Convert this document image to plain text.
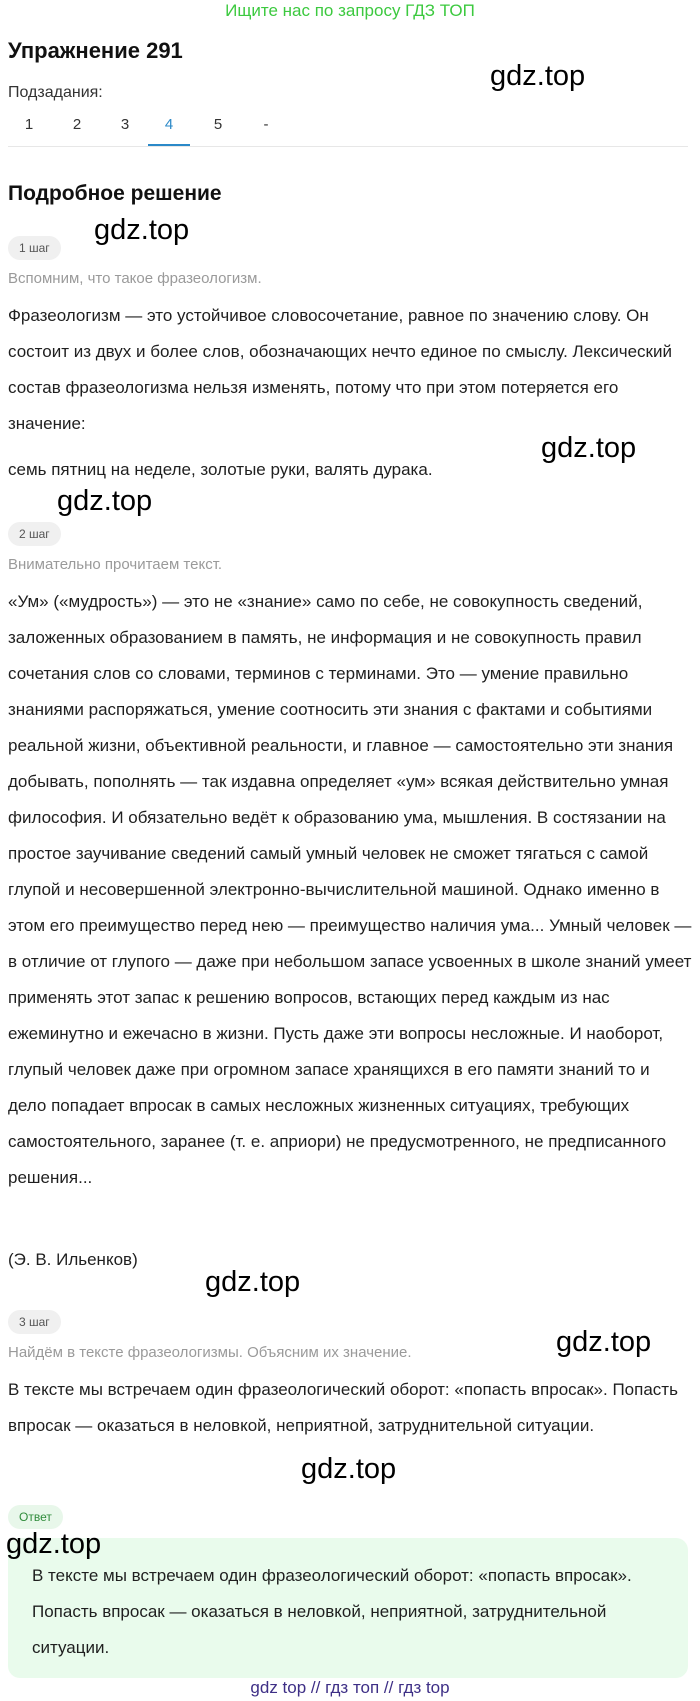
Ищите нас по запросу ГДЗ ТОП
Упражнение 291
Подзадания:
1	2	3	4	5	-
Подробное решение
1 шаг
Вспомним, что такое фразеологизм.
Фразеологизм — это устойчивое словосочетание, равное по значению слову. Он состоит из двух и более слов, обозначающих нечто единое по смыслу. Лексический состав фразеологизма нельзя изменять, потому что при этом потеряется его значение:
семь пятниц на неделе, золотые руки, валять дурака.
2 шаг
Внимательно прочитаем текст.
«Ум» («мудрость») — это не «знание» само по себе, не совокупность сведений, заложенных образованием в память, не информация и не совокупность правил сочетания слов со словами, терминов с терминами. Это — умение правильно знаниями распоряжаться, умение соотносить эти знания с фактами и событиями реальной жизни, объективной реальности, и главное — самостоятельно эти знания добывать, пополнять — так издавна определяет «ум» всякая действительно умная философия. И обязательно ведёт к образованию ума, мышления. В состязании на простое заучивание сведений самый умный человек не сможет тягаться с самой глупой и несовершенной электронно-вычислительной машиной. Однако именно в этом его преимущество перед нею — преимущество наличия ума... Умный человек — в отличие от глупого — даже при небольшом запасе усвоенных в школе знаний умеет применять этот запас к решению вопросов, встающих перед каждым из нас ежеминутно и ежечасно в жизни. Пусть даже эти вопросы несложные. И наоборот, глупый человек даже при огромном запасе хранящихся в его памяти знаний то и дело попадает впросак в самых несложных жизненных ситуациях, требующих самостоятельного, заранее (т. е. априори) не предусмотренного, не предписанного решения...
(Э. В. Ильенков)
3 шаг
Найдём в тексте фразеологизмы. Объясним их значение.
В тексте мы встречаем один фразеологический оборот: «попасть впросак». Попасть впросак — оказаться в неловкой, неприятной, затруднительной ситуации.
Ответ
В тексте мы встречаем один фразеологический оборот: «попасть впросак». Попасть впросак — оказаться в неловкой, неприятной, затруднительной ситуации.
gdz.top
gdz.top
gdz.top
gdz.top
gdz.top
gdz.top
gdz.top
gdz.top
gdz top // гдз топ // гдз top
